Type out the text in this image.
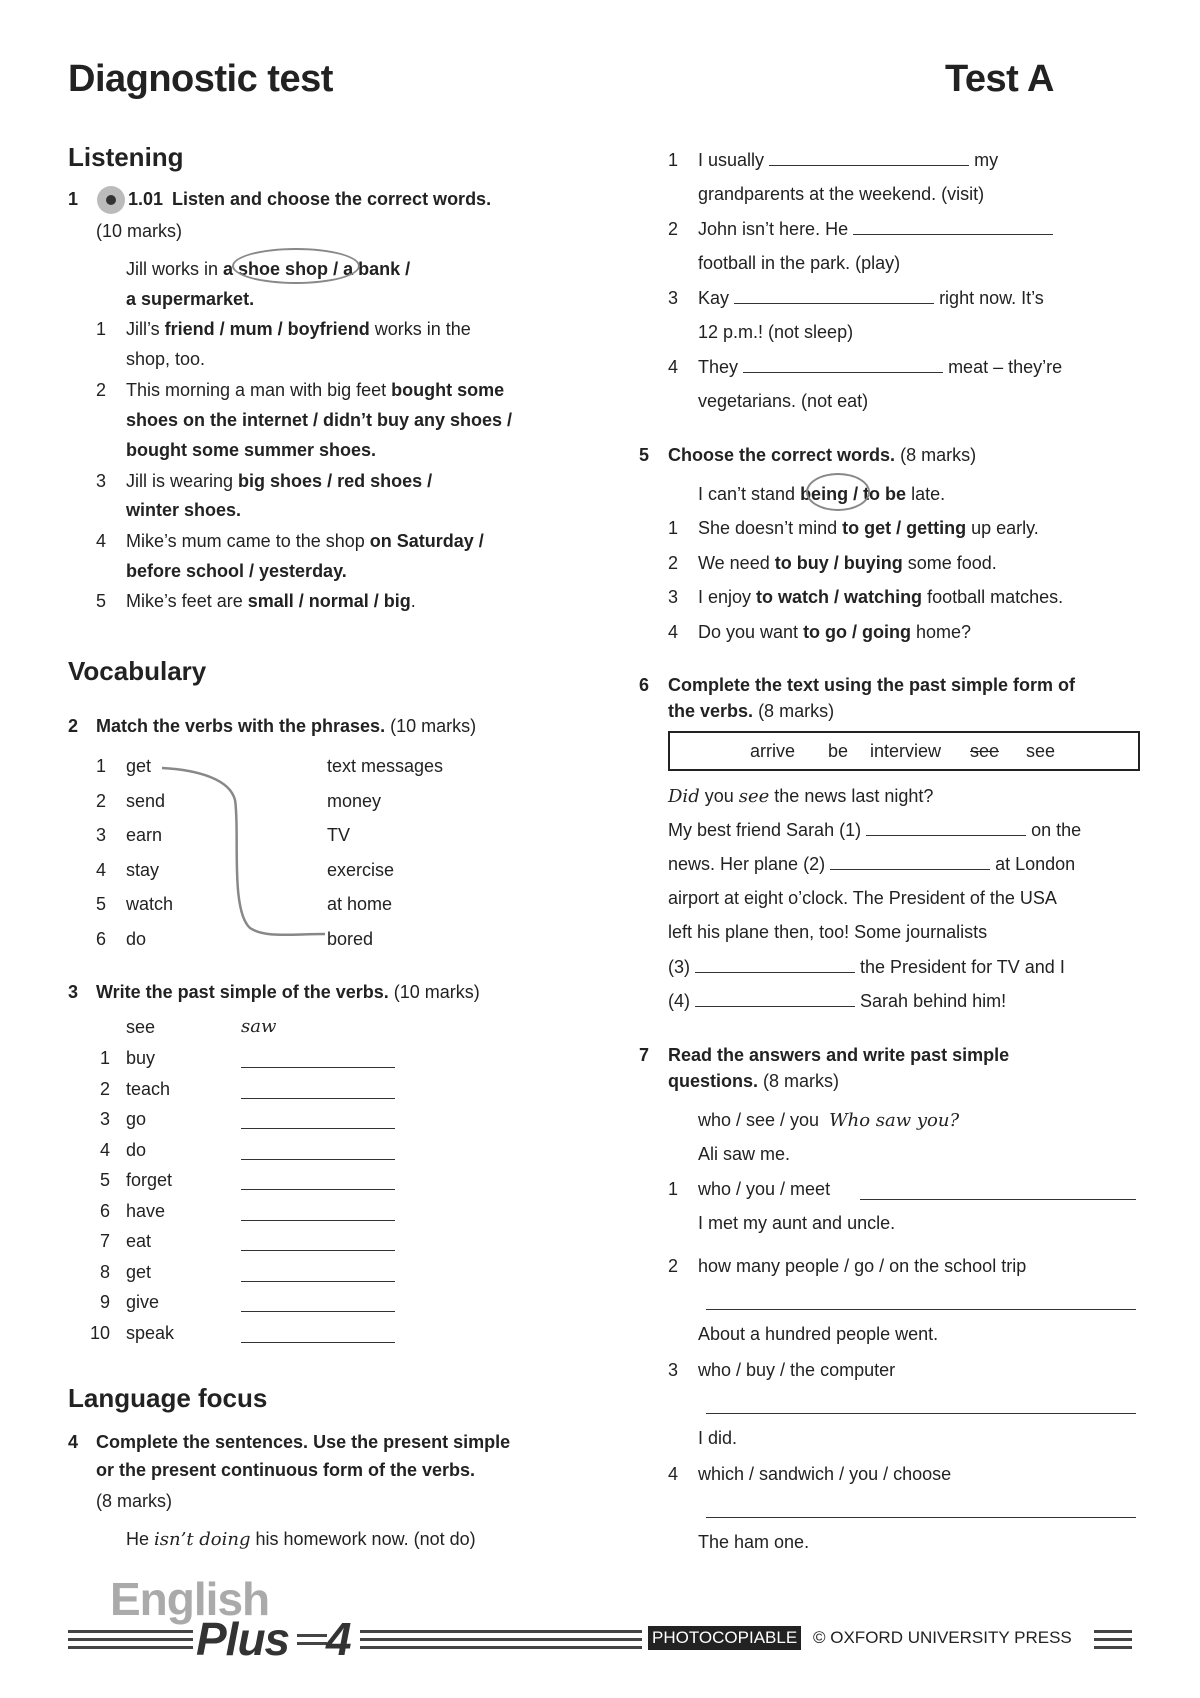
Diagnostic test	Test A
Listening
1	1.01 Listen and choose the correct words.
(10 marks)
Jill works in a shoe shop / a bank /
a supermarket.
1 Jill’s friend / mum / boyfriend works in the
shop, too.
2 This morning a man with big feet bought some
shoes on the internet / didn’t buy any shoes /
bought some summer shoes.
3 Jill is wearing big shoes / red shoes /
winter shoes.
4 Mike’s mum came to the shop on Saturday /
before school / yesterday.
5 Mike’s feet are small / normal / big.
Vocabulary
2 Match the verbs with the phrases. (10 marks)
1 get	text messages
2 send	money
3 earn	TV
4 stay	exercise
5 watch	at home
6 do	bored
3 Write the past simple of the verbs. (10 marks)
see	saw
1 buy
2 teach
3 go
4 do
5 forget
6 have
7 eat
8 get
9 give
10 speak
Language focus
4 Complete the sentences. Use the present simple
or the present continuous form of the verbs.
(8 marks)
He isn’t doing his homework now. (not do)
1 I usually	my
grandparents at the weekend. (visit)
2 John isn’t here. He
football in the park. (play)
3 Kay	right now. It’s
12 p.m.! (not sleep)
4 They	meat – they’re
vegetarians. (not eat)
5 Choose the correct words. (8 marks)
I can’t stand being / to be late.
1 She doesn’t mind to get / getting up early.
2 We need to buy / buying some food.
3 I enjoy to watch / watching football matches.
4 Do you want to go / going home?
6 Complete the text using the past simple form of
the verbs. (8 marks)
arrive be interview see see
Did you see the news last night?
My best friend Sarah (1)	on the
news. Her plane (2)	at London
airport at eight o’clock. The President of the USA
left his plane then, too! Some journalists
(3)	the President for TV and I
(4)	Sarah behind him!
7 Read the answers and write past simple
questions. (8 marks)
who / see / you Who saw you?
Ali saw me.
1 who / you / meet
I met my aunt and uncle.
2 how many people / go / on the school trip
About a hundred people went.
3 who / buy / the computer
I did.
4 which / sandwich / you / choose
The ham one.
English
Plus 4	PHOTOCOPIABLE © OXFORD UNIVERSITY PRESS
